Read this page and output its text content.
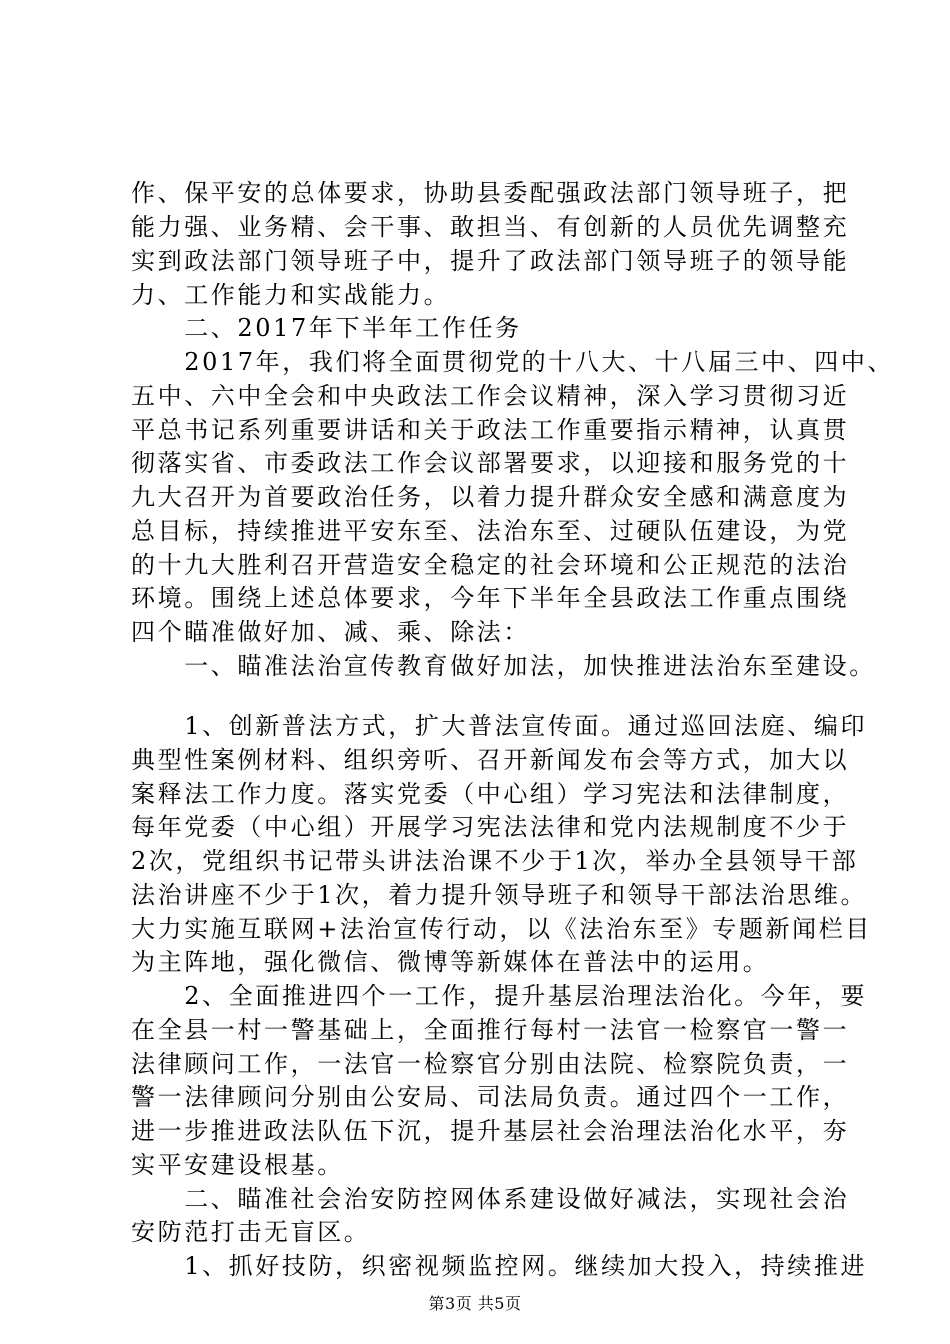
作、保平安的总体要求，协助县委配强政法部门领导班子，把
能力强、业务精、会干事、敢担当、有创新的人员优先调整充
实到政法部门领导班子中，提升了政法部门领导班子的领导能
力、工作能力和实战能力。
　　二、2017年下半年工作任务
　　2017年，我们将全面贯彻党的十八大、十八届三中、四中、
五中、六中全会和中央政法工作会议精神，深入学习贯彻习近
平总书记系列重要讲话和关于政法工作重要指示精神，认真贯
彻落实省、市委政法工作会议部署要求，以迎接和服务党的十
九大召开为首要政治任务，以着力提升群众安全感和满意度为
总目标，持续推进平安东至、法治东至、过硬队伍建设，为党
的十九大胜利召开营造安全稳定的社会环境和公正规范的法治
环境。围绕上述总体要求，今年下半年全县政法工作重点围绕
四个瞄准做好加、减、乘、除法：
　　一、瞄准法治宣传教育做好加法，加快推进法治东至建设。
　　1、创新普法方式，扩大普法宣传面。通过巡回法庭、编印
典型性案例材料、组织旁听、召开新闻发布会等方式，加大以
案释法工作力度。落实党委（中心组）学习宪法和法律制度，
每年党委（中心组）开展学习宪法法律和党内法规制度不少于
2次，党组织书记带头讲法治课不少于1次，举办全县领导干部
法治讲座不少于1次，着力提升领导班子和领导干部法治思维。
大力实施互联网+法治宣传行动，以《法治东至》专题新闻栏目
为主阵地，强化微信、微博等新媒体在普法中的运用。
　　2、全面推进四个一工作，提升基层治理法治化。今年，要
在全县一村一警基础上，全面推行每村一法官一检察官一警一
法律顾问工作，一法官一检察官分别由法院、检察院负责，一
警一法律顾问分别由公安局、司法局负责。通过四个一工作，
进一步推进政法队伍下沉，提升基层社会治理法治化水平，夯
实平安建设根基。
　　二、瞄准社会治安防控网体系建设做好减法，实现社会治
安防范打击无盲区。
　　1、抓好技防，织密视频监控网。继续加大投入，持续推进
第3页 共5页
